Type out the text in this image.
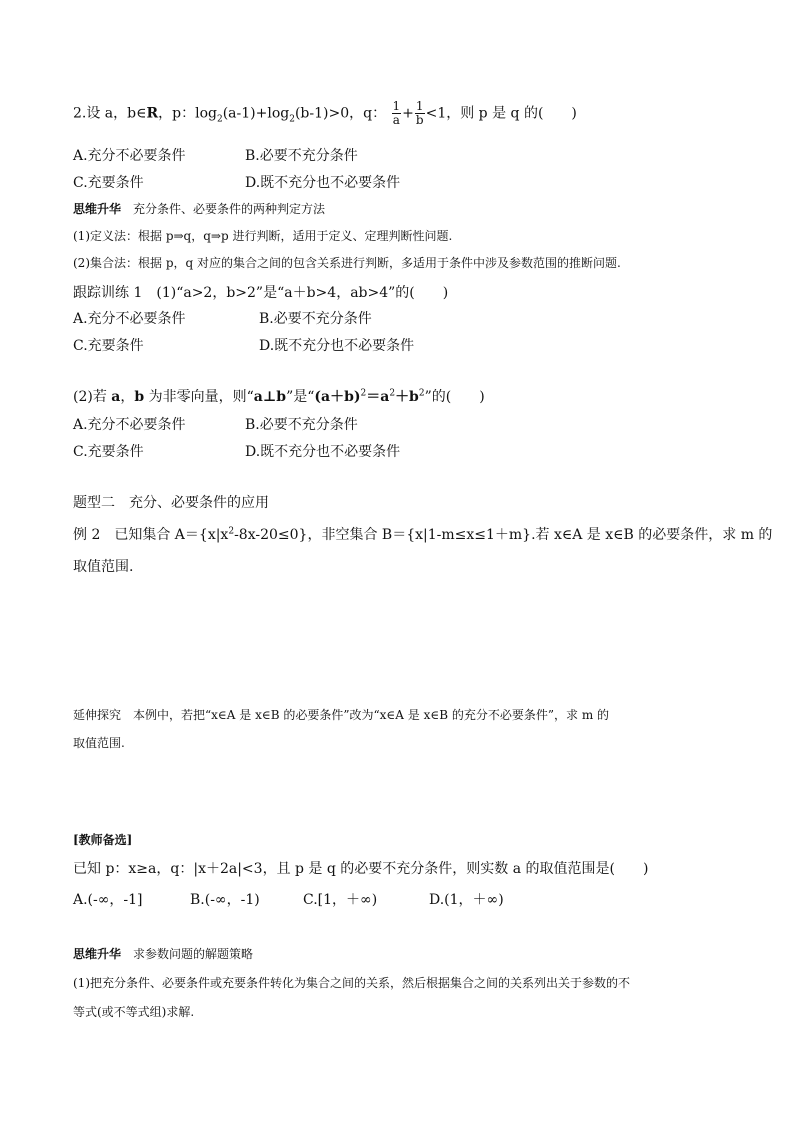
2.设 a，b∈R，p：$\log_2(a-1)+\log_2(b-1)>0$，q： $\frac{1}{a} + \frac{1}{b} <1$，则 p 是 q 的(　　)
A.充分不必要条件	B.必要不充分条件
C.充要条件	D.既不充分也不必要条件
思维升华　 充分条件、必要条件的两种判定方法
(1)定义法：根据 p⇒q，q⇒p 进行判断，适用于定义、定理判断性问题.
(2)集合法：根据 p，q 对应的集合之间的包含关系进行判断，多适用于条件中涉及参数范围的推断问题.
跟踪训练 1　 (1)“a>2，b>2”是“a＋b>4，ab>4”的(　　)
A.充分不必要条件	B.必要不充分条件
C.充要条件	D.既不充分也不必要条件
(2)若 a，b 为非零向量，则“a⊥b”是“$(a+b)^2=a^2+b^2$”的(　　)
A.充分不必要条件	B.必要不充分条件
C.充要条件	D.既不充分也不必要条件
题型二　充分、必要条件的应用
例 2　已知集合 $A=\{x|x^2-8x-20\le 0\}$，非空集合 B＝{x|1-m≤x≤1＋m}.若 x∈A 是 x∈B 的必要条件，求 m 的
取值范围.
延伸探究　本例中，若把“x∈A 是 x∈B 的必要条件”改为“x∈A 是 x∈B 的充分不必要条件”，求 m 的
取值范围.
[教师备选]
已知 p：x≥a，q：|x＋2a|<3，且 p 是 q 的必要不充分条件，则实数 a 的取值范围是(　　)
A.(-∞，-1]	B.(-∞，-1)	C.[1，＋∞)	D.(1，＋∞)
思维升华　 求参数问题的解题策略
(1)把充分条件、必要条件或充要条件转化为集合之间的关系，然后根据集合之间的关系列出关于参数的不
等式(或不等式组)求解.
